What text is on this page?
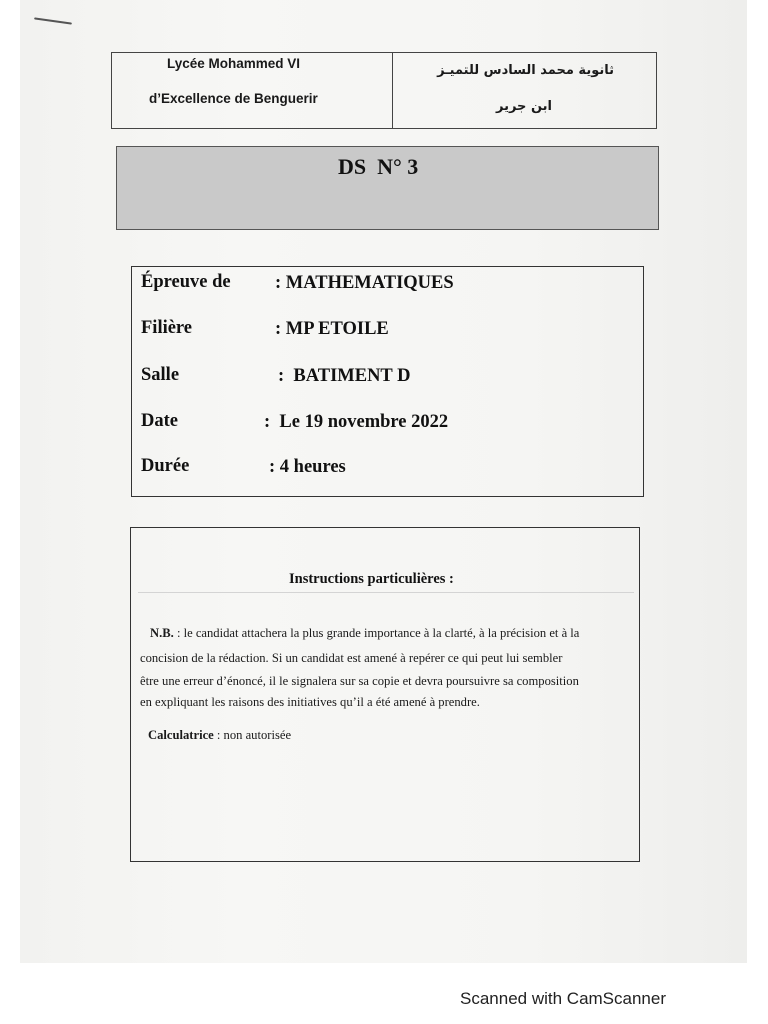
Lycée Mohammed VI
d’Excellence de Benguerir
ثانوية محمد السادس للتميـز
ابن جرير
DS  N° 3
Épreuve de : MATHEMATIQUES
Filière	: MP ETOILE
Salle	:  BATIMENT D
Date	:  Le 19 novembre 2022
Durée	: 4 heures
Instructions particulières :
N.B. : le candidat attachera la plus grande importance à la clarté, à la précision et à la
concision de la rédaction. Si un candidat est amené à repérer ce qui peut lui sembler
être une erreur d’énoncé, il le signalera sur sa copie et devra poursuivre sa composition
en expliquant les raisons des initiatives qu’il a été amené à prendre.
Calculatrice : non autorisée
Scanned with CamScanner
